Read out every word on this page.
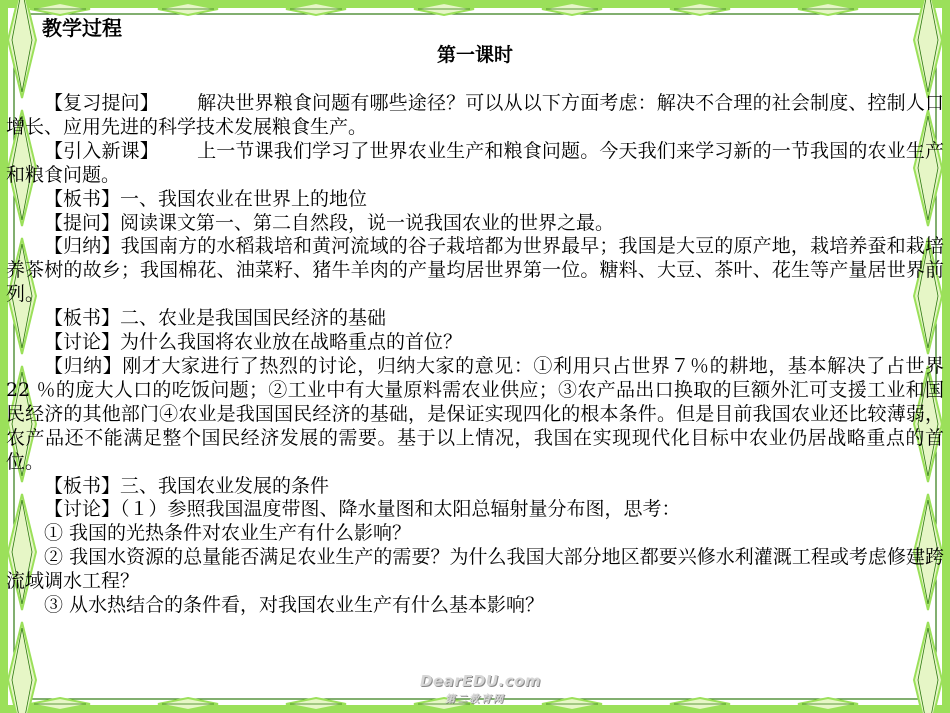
教学过程
第一课时
【复习提问】 解决世界粮食问题有哪些途径？可以从以下方面考虑：解决不合理的社会制度、控制人口增长、应用先进的科学技术发展粮食生产。
【引入新课】 上一节课我们学习了世界农业生产和粮食问题。今天我们来学习新的一节我国的农业生产和粮食问题。
【板书】一、我国农业在世界上的地位
【提问】阅读课文第一、第二自然段，说一说我国农业的世界之最。
【归纳】我国南方的水稻栽培和黄河流域的谷子栽培都为世界最早；我国是大豆的原产地，栽培养蚕和栽培养茶树的故乡；我国棉花、油菜籽、猪牛羊肉的产量均居世界第一位。糖料、大豆、茶叶、花生等产量居世界前列。
【板书】二、农业是我国国民经济的基础
【讨论】为什么我国将农业放在战略重点的首位？
【归纳】刚才大家进行了热烈的讨论，归纳大家的意见：①利用只占世界７％的耕地，基本解决了占世界 22 ％的庞大人口的吃饭问题；②工业中有大量原料需农业供应；③农产品出口换取的巨额外汇可支援工业和国民经济的其他部门④农业是我国国民经济的基础，是保证实现四化的根本条件。但是目前我国农业还比较薄弱，农产品还不能满足整个国民经济发展的需要。基于以上情况，我国在实现现代化目标中农业仍居战略重点的首位。
【板书】三、我国农业发展的条件
【讨论】（１）参照我国温度带图、降水量图和太阳总辐射量分布图，思考：
① 我国的光热条件对农业生产有什么影响？
② 我国水资源的总量能否满足农业生产的需要？为什么我国大部分地区都要兴修水利灌溉工程或考虑修建跨流域调水工程？
③ 从水热结合的条件看，对我国农业生产有什么基本影响？
DearEDU.com
第二教育网
